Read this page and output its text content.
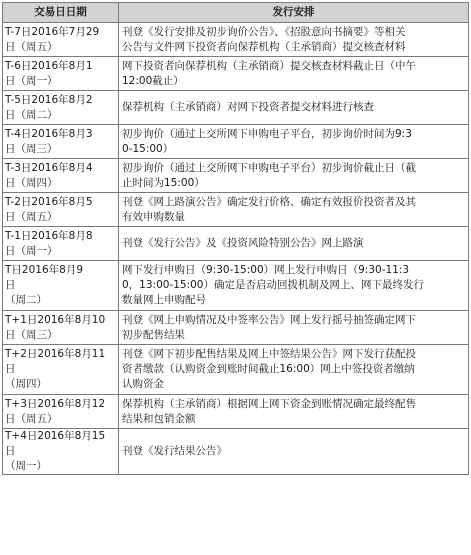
交易日日期	发行安排

T-7日2016年7月29
日（周五）	刊登《发行安排及初步询价公告》、《招股意向书摘要》等相关
公告与文件网下投资者向保荐机构（主承销商）提交核查材料

T-6日2016年8月1
日（周一）	网下投资者向保荐机构（主承销商）提交核查材料截止日（中午
12:00截止）

T-5日2016年8月2
日（周二）	保荐机构（主承销商）对网下投资者提交材料进行核查

T-4日2016年8月3
日（周三）	初步询价（通过上交所网下申购电子平台，初步询价时间为9:3
0-15:00）

T-3日2016年8月4
日（周四）	初步询价（通过上交所网下申购电子平台）初步询价截止日（截
止时间为15:00）

T-2日2016年8月5
日（周五）	刊登《网上路演公告》确定发行价格、确定有效报价投资者及其
有效申购数量

T-1日2016年8月8
日（周一）	刊登《发行公告》及《投资风险特别公告》网上路演

T日2016年8月9
日
（周二）	网下发行申购日（9:30-15:00）网上发行申购日（9:30-11:3
0，13:00-15:00）确定是否启动回拨机制及网上、网下最终发行
数量网上申购配号

T+1日2016年8月10
日（周三）	刊登《网上申购情况及中签率公告》网上发行摇号抽签确定网下
初步配售结果

T+2日2016年8月11
日
（周四）	刊登《网下初步配售结果及网上中签结果公告》网下发行获配投
资者缴款（认购资金到账时间截止16:00）网上中签投资者缴纳
认购资金

T+3日2016年8月12
日（周五）	保荐机构（主承销商）根据网上网下资金到账情况确定最终配售
结果和包销金额

T+4日2016年8月15
日
（周一）	刊登《发行结果公告》
